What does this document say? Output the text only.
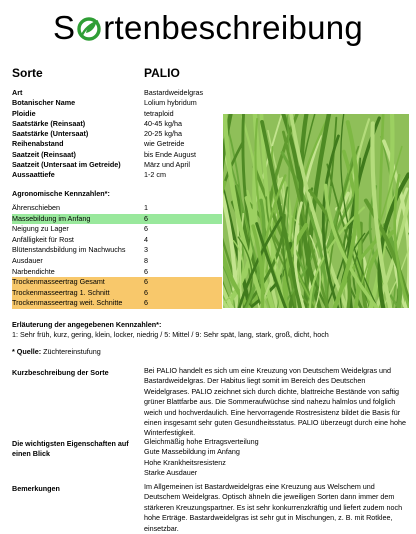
S rtenbeschreibung
Sorte	PALIO
Art	Bastardweidelgras
Botanischer Name	Lolium hybridum
Ploidie	tetraploid
Saatstärke (Reinsaat)	40-45 kg/ha
Saatstärke (Untersaat)	20-25 kg/ha
Reihenabstand	wie Getreide
Saatzeit (Reinsaat)	bis Ende August
Saatzeit (Untersaat im Getreide)	März und April
Aussaattiefe	1-2 cm
Agronomische Kennzahlen*:
Ährenschieben	1
Massebildung im Anfang	6
Neigung zu Lager	6
Anfälligkeit für Rost	4
Blütenstandsbildung im Nachwuchs	3
Ausdauer	8
Narbendichte	6
Trockenmasseertrag Gesamt	6
Trockenmasseertrag 1. Schnitt	6
Trockenmasseertrag weit. Schnitte	6
Erläuterung der angegebenen Kennzahlen*:
1: Sehr früh, kurz, gering, klein, locker, niedrig / 5: Mittel / 9: Sehr spät, lang, stark, groß, dicht, hoch
* Quelle: Züchtereinstufung
Kurzbeschreibung der Sorte	Bei PALIO handelt es sich um eine Kreuzung von Deutschem Weidelgras und Bastardweidelgras. Der Habitus liegt somit im Bereich des Deutschen Weidelgrases. PALIO zeichnet sich durch dichte, blattreiche Bestände von saftig grüner Blattfarbe aus. Die Sommeraufwüchse sind nahezu halmlos und folglich weich und hochverdaulich. Eine hervorragende Rostresistenz bildet die Basis für einen insgesamt sehr guten Gesundheitsstatus. PALIO überzeugt durch eine hohe Winterfestigkeit.
Die wichtigsten Eigenschaften auf einen Blick
Gleichmäßig hohe Ertragsverteilung
Gute Massebildung im Anfang
Hohe Krankheitsresistenz
Starke Ausdauer
Bemerkungen	Im Allgemeinen ist Bastardweidelgras eine Kreuzung aus Welschem und Deutschem Weidelgras. Optisch ähneln die jeweiligen Sorten dann immer dem stärkeren Kreuzungspartner. Es ist sehr konkurrenzkräftig und liefert zudem noch hohe Erträge. Bastardweidelgras ist sehr gut in Mischungen, z. B. mit Rotklee, einsetzbar.
